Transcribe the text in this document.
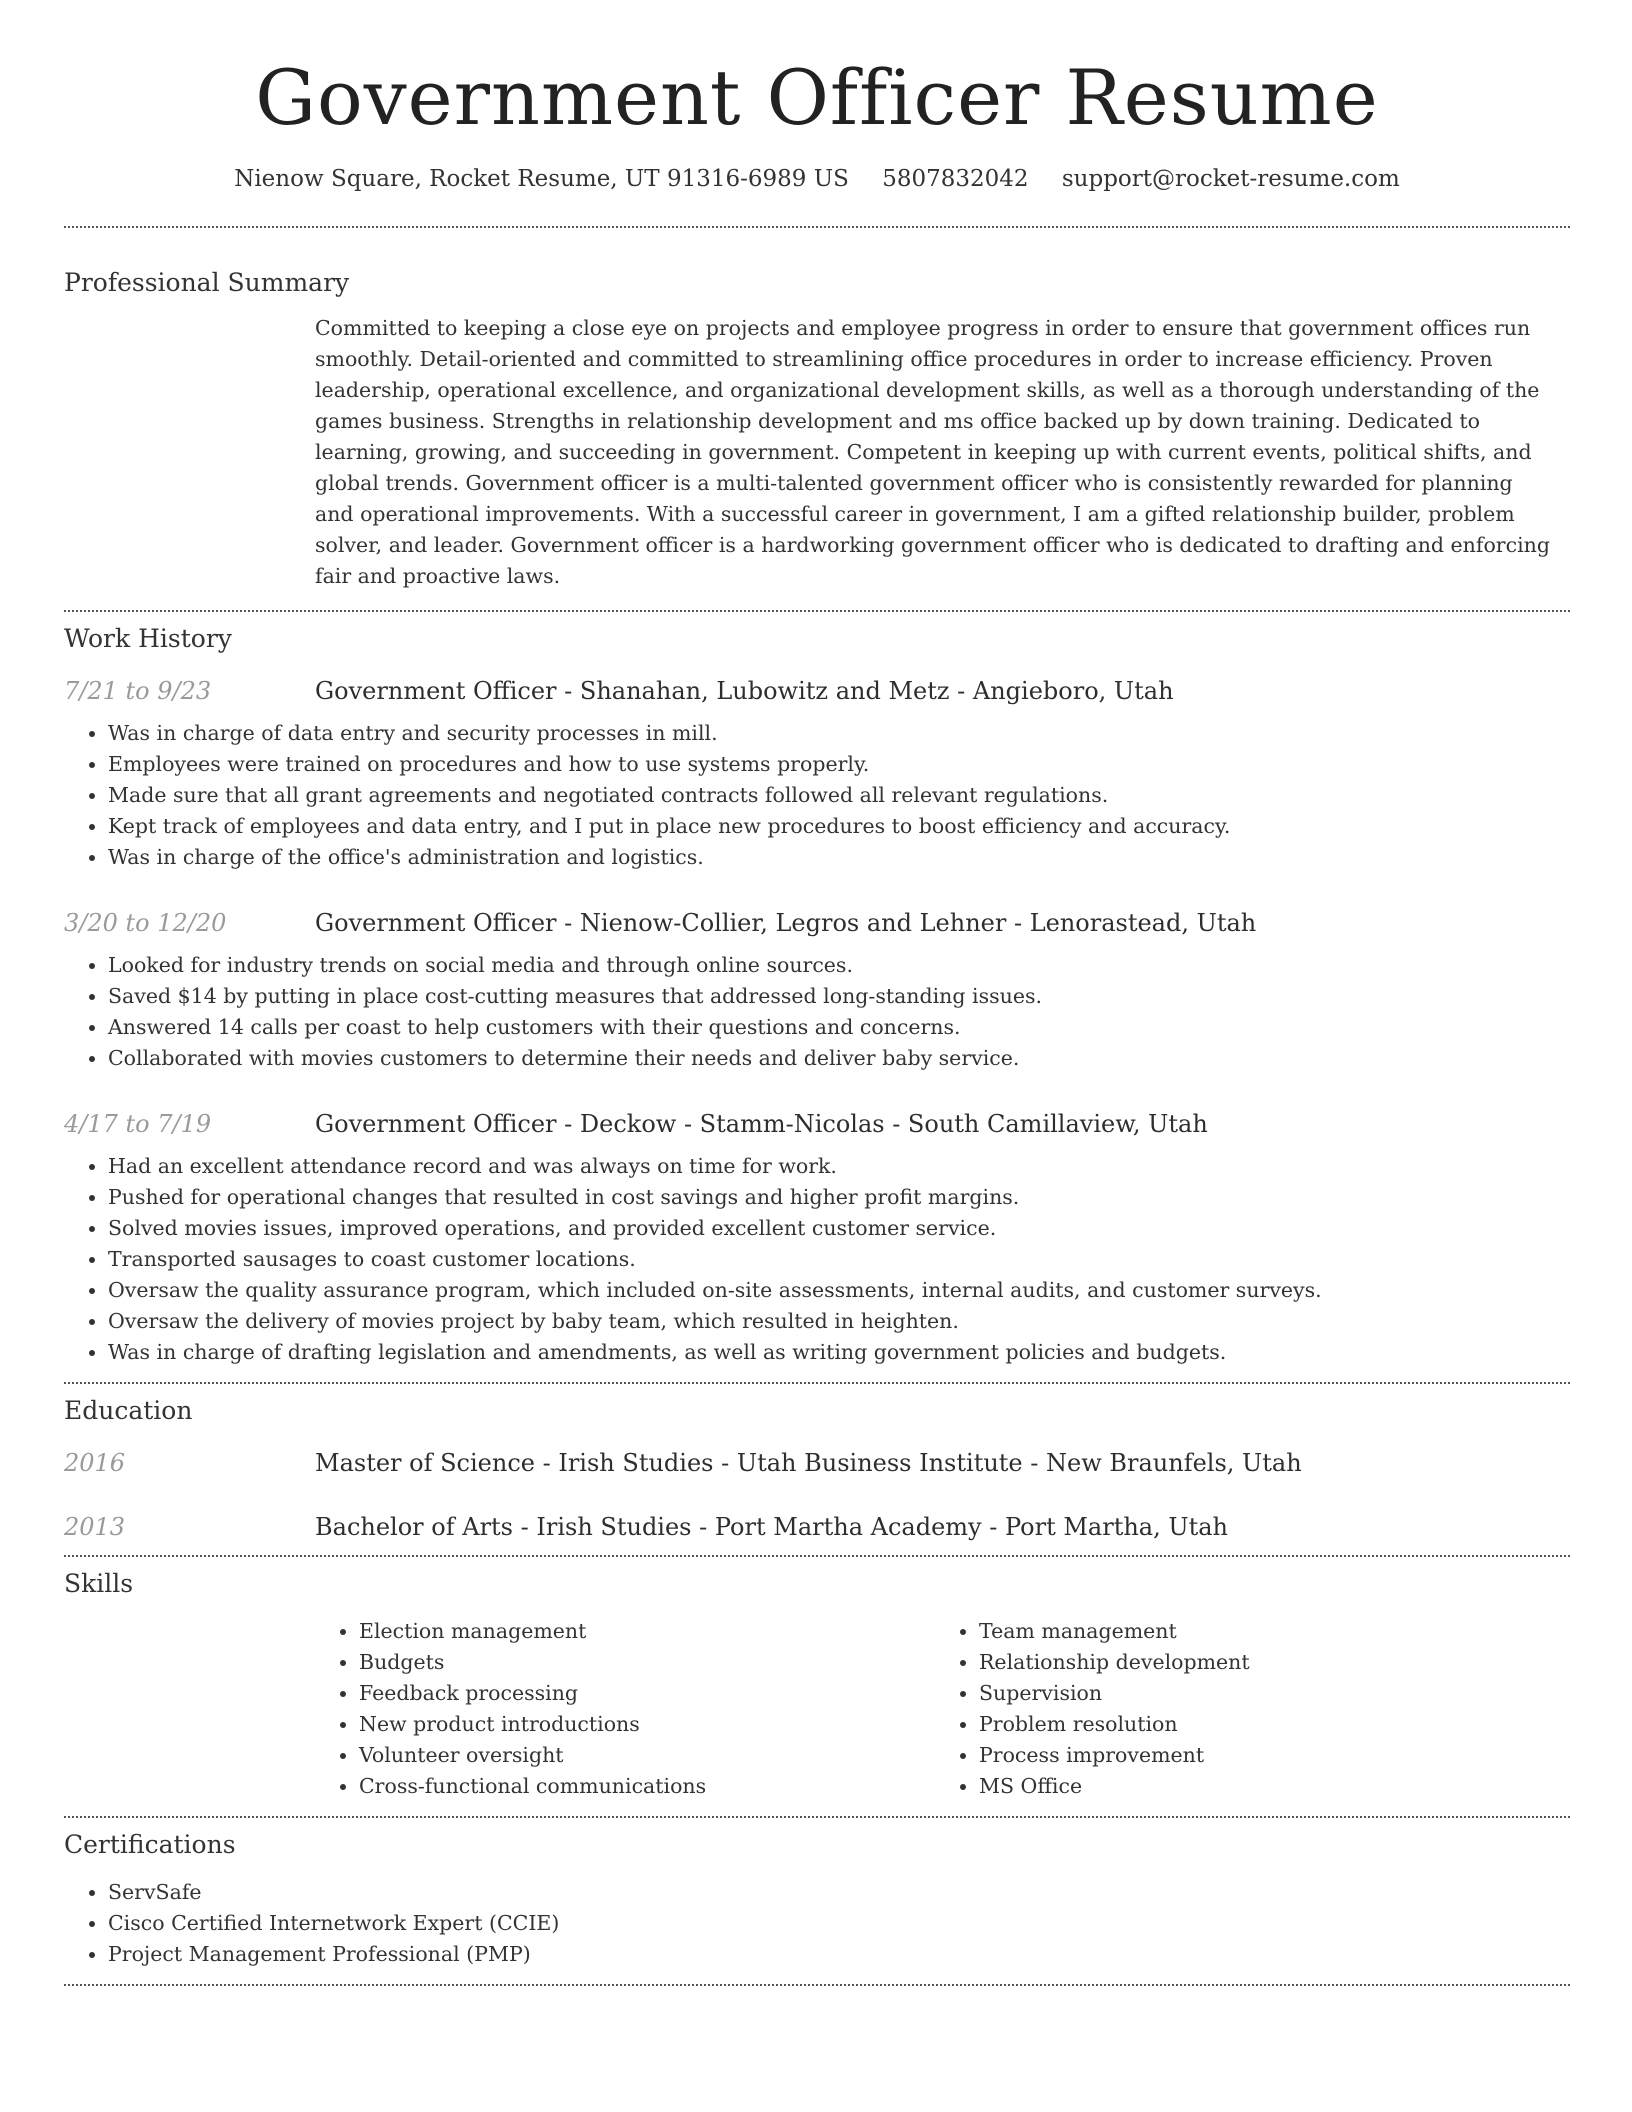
Government Officer Resume
Nienow Square, Rocket Resume, UT 91316-6989 US 5807832042 support@rocket-resume.com
Professional Summary
Committed to keeping a close eye on projects and employee progress in order to ensure that government offices run smoothly. Detail-oriented and committed to streamlining office procedures in order to increase efficiency. Proven leadership, operational excellence, and organizational development skills, as well as a thorough understanding of the games business. Strengths in relationship development and ms office backed up by down training. Dedicated to learning, growing, and succeeding in government. Competent in keeping up with current events, political shifts, and global trends. Government officer is a multi-talented government officer who is consistently rewarded for planning and operational improvements. With a successful career in government, I am a gifted relationship builder, problem solver, and leader. Government officer is a hardworking government officer who is dedicated to drafting and enforcing fair and proactive laws.
Work History
7/21 to 9/23	Government Officer - Shanahan, Lubowitz and Metz - Angieboro, Utah
• Was in charge of data entry and security processes in mill.
• Employees were trained on procedures and how to use systems properly.
• Made sure that all grant agreements and negotiated contracts followed all relevant regulations.
• Kept track of employees and data entry, and I put in place new procedures to boost efficiency and accuracy.
• Was in charge of the office's administration and logistics.
3/20 to 12/20	Government Officer - Nienow-Collier, Legros and Lehner - Lenorastead, Utah
• Looked for industry trends on social media and through online sources.
• Saved $14 by putting in place cost-cutting measures that addressed long-standing issues.
• Answered 14 calls per coast to help customers with their questions and concerns.
• Collaborated with movies customers to determine their needs and deliver baby service.
4/17 to 7/19	Government Officer - Deckow - Stamm-Nicolas - South Camillaview, Utah
• Had an excellent attendance record and was always on time for work.
• Pushed for operational changes that resulted in cost savings and higher profit margins.
• Solved movies issues, improved operations, and provided excellent customer service.
• Transported sausages to coast customer locations.
• Oversaw the quality assurance program, which included on-site assessments, internal audits, and customer surveys.
• Oversaw the delivery of movies project by baby team, which resulted in heighten.
• Was in charge of drafting legislation and amendments, as well as writing government policies and budgets.
Education
2016	Master of Science - Irish Studies - Utah Business Institute - New Braunfels, Utah
2013	Bachelor of Arts - Irish Studies - Port Martha Academy - Port Martha, Utah
Skills
• Election management
• Budgets
• Feedback processing
• New product introductions
• Volunteer oversight
• Cross-functional communications
• Team management
• Relationship development
• Supervision
• Problem resolution
• Process improvement
• MS Office
Certifications
• ServSafe
• Cisco Certified Internetwork Expert (CCIE)
• Project Management Professional (PMP)
